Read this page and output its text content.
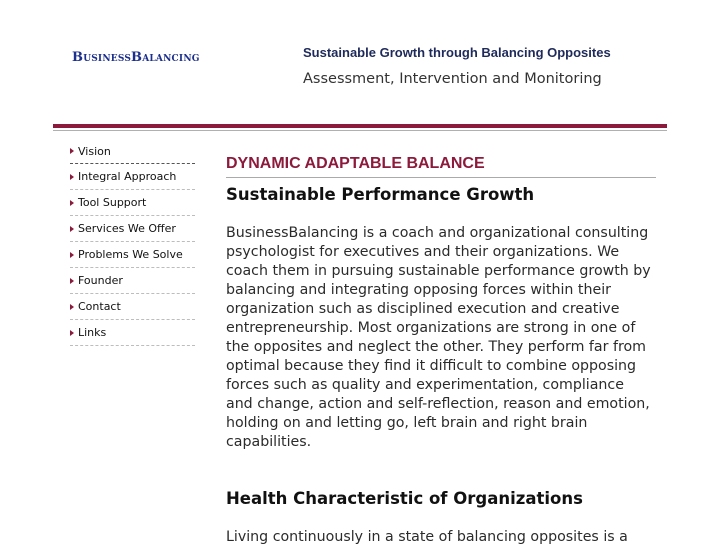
BusinessBalancing	Sustainable Growth through Balancing Opposites
Assessment, Intervention and Monitoring
Vision
Integral Approach
Tool Support
Services We Offer
Problems We Solve
Founder
Contact
Links
DYNAMIC ADAPTABLE BALANCE
Sustainable Performance Growth

BusinessBalancing is a coach and organizational consulting psychologist for executives and their organizations. We coach them in pursuing sustainable performance growth by balancing and integrating opposing forces within their organization such as disciplined execution and creative entrepreneurship. Most organizations are strong in one of the opposites and neglect the other. They perform far from optimal because they find it difficult to combine opposing forces such as quality and experimentation, compliance and change, action and self-reflection, reason and emotion, holding on and letting go, left brain and right brain capabilities.

Health Characteristic of Organizations

Living continuously in a state of balancing opposites is a
